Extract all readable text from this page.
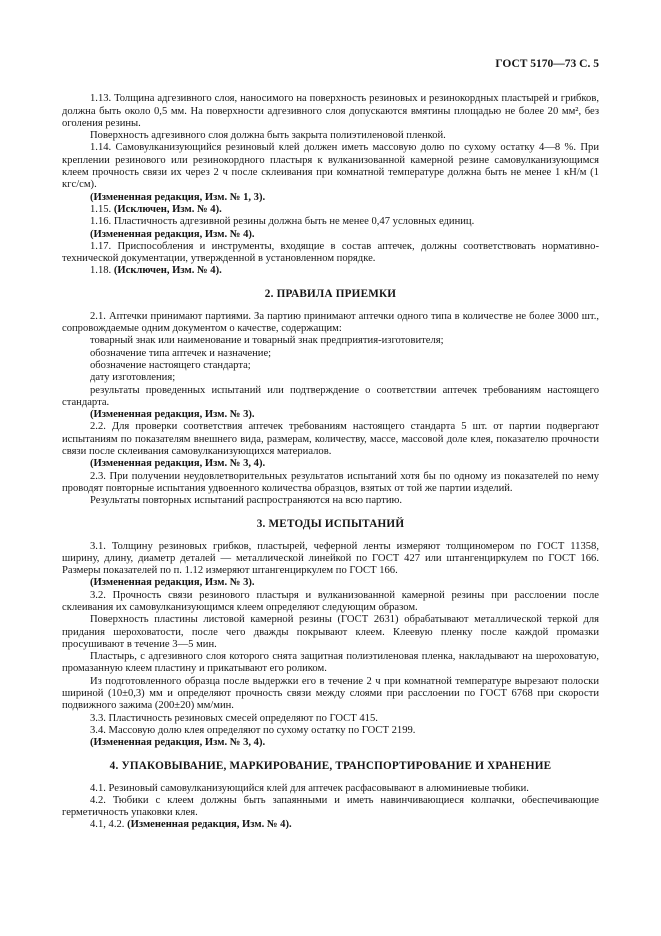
ГОСТ 5170—73 С. 5

1.13. Толщина адгезивного слоя, наносимого на поверхность резиновых и резинокордных пластырей и грибков, должна быть около 0,5 мм. На поверхности адгезивного слоя допускаются вмятины площадью не более 20 мм², без оголения резины.

Поверхность адгезивного слоя должна быть закрыта полиэтиленовой пленкой.

1.14. Самовулканизующийся резиновый клей должен иметь массовую долю по сухому остатку 4—8 %. При креплении резинового или резинокордного пластыря к вулканизованной камерной резине самовулканизующимся клеем прочность связи их через 2 ч после склеивания при комнатной температуре должна быть не менее 1 кН/м (1 кгс/см).

(Измененная редакция, Изм. № 1, 3).

1.15. (Исключен, Изм. № 4).

1.16. Пластичность адгезивной резины должна быть не менее 0,47 условных единиц.

(Измененная редакция, Изм. № 4).

1.17. Приспособления и инструменты, входящие в состав аптечек, должны соответствовать нормативно-технической документации, утвержденной в установленном порядке.

1.18. (Исключен, Изм. № 4).

2. ПРАВИЛА ПРИЕМКИ

2.1. Аптечки принимают партиями. За партию принимают аптечки одного типа в количестве не более 3000 шт., сопровождаемые одним документом о качестве, содержащим:

товарный знак или наименование и товарный знак предприятия-изготовителя;

обозначение типа аптечек и назначение;

обозначение настоящего стандарта;

дату изготовления;

результаты проведенных испытаний или подтверждение о соответствии аптечек требованиям настоящего стандарта.

(Измененная редакция, Изм. № 3).

2.2. Для проверки соответствия аптечек требованиям настоящего стандарта 5 шт. от партии подвергают испытаниям по показателям внешнего вида, размерам, количеству, массе, массовой доле клея, показателю прочности связи после склеивания самовулканизующихся материалов.

(Измененная редакция, Изм. № 3, 4).

2.3. При получении неудовлетворительных результатов испытаний хотя бы по одному из показателей по нему проводят повторные испытания удвоенного количества образцов, взятых от той же партии изделий.

Результаты повторных испытаний распространяются на всю партию.

3. МЕТОДЫ ИСПЫТАНИЙ

3.1. Толщину резиновых грибков, пластырей, чеферной ленты измеряют толщиномером по ГОСТ 11358, ширину, длину, диаметр деталей — металлической линейкой по ГОСТ 427 или штангенциркулем по ГОСТ 166. Размеры показателей по п. 1.12 измеряют штангенциркулем по ГОСТ 166.

(Измененная редакция, Изм. № 3).

3.2. Прочность связи резинового пластыря и вулканизованной камерной резины при расслоении после склеивания их самовулканизующимся клеем определяют следующим образом.

Поверхность пластины листовой камерной резины (ГОСТ 2631) обрабатывают металлической теркой для придания шероховатости, после чего дважды покрывают клеем. Клеевую пленку после каждой промазки просушивают в течение 3—5 мин.

Пластырь, с адгезивного слоя которого снята защитная полиэтиленовая пленка, накладывают на шероховатую, промазанную клеем пластину и прикатывают его роликом.

Из подготовленного образца после выдержки его в течение 2 ч при комнатной температуре вырезают полоски шириной (10±0,3) мм и определяют прочность связи между слоями при расслоении по ГОСТ 6768 при скорости подвижного зажима (200±20) мм/мин.

3.3. Пластичность резиновых смесей определяют по ГОСТ 415.

3.4. Массовую долю клея определяют по сухому остатку по ГОСТ 2199.

(Измененная редакция, Изм. № 3, 4).

4. УПАКОВЫВАНИЕ, МАРКИРОВАНИЕ, ТРАНСПОРТИРОВАНИЕ И ХРАНЕНИЕ

4.1. Резиновый самовулканизующийся клей для аптечек расфасовывают в алюминиевые тюбики.

4.2. Тюбики с клеем должны быть запаянными и иметь навинчивающиеся колпачки, обеспечивающие герметичность упаковки клея.

4.1, 4.2. (Измененная редакция, Изм. № 4).
